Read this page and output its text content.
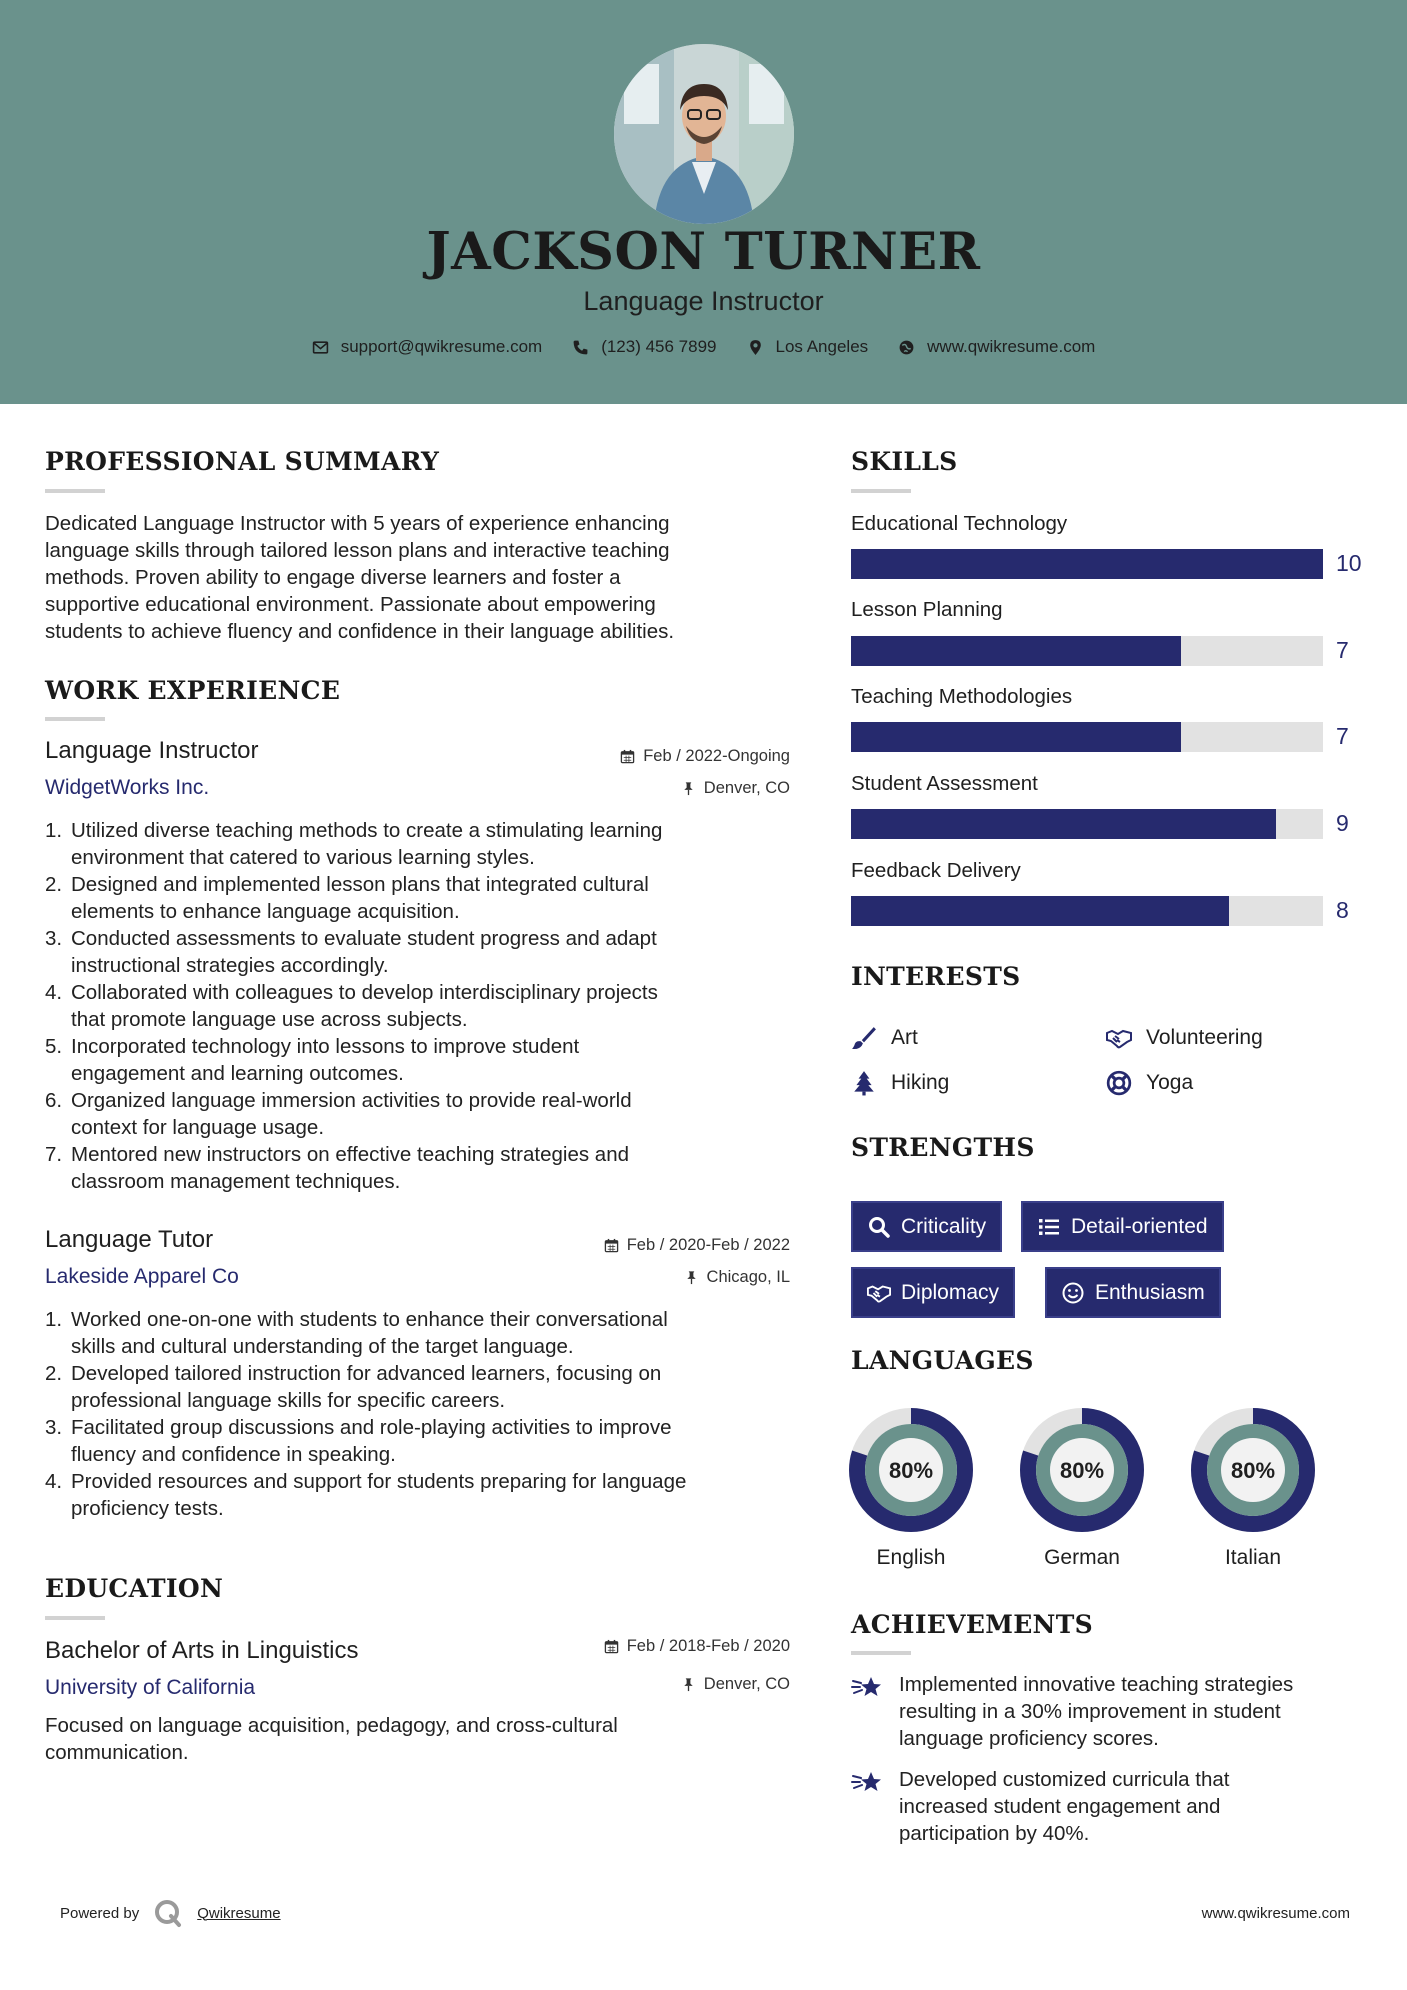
JACKSON TURNER
Language Instructor
support@qwikresume.com	(123) 456 7899	Los Angeles	www.qwikresume.com
PROFESSIONAL SUMMARY
Dedicated Language Instructor with 5 years of experience enhancing
language skills through tailored lesson plans and interactive teaching
methods. Proven ability to engage diverse learners and foster a
supportive educational environment. Passionate about empowering
students to achieve fluency and confidence in their language abilities.
WORK EXPERIENCE
Language Instructor
WidgetWorks Inc.
Feb / 2022-Ongoing
Denver, CO
1. Utilized diverse teaching methods to create a stimulating learning
environment that catered to various learning styles.
2. Designed and implemented lesson plans that integrated cultural
elements to enhance language acquisition.
3. Conducted assessments to evaluate student progress and adapt
instructional strategies accordingly.
4. Collaborated with colleagues to develop interdisciplinary projects
that promote language use across subjects.
5. Incorporated technology into lessons to improve student
engagement and learning outcomes.
6. Organized language immersion activities to provide real-world
context for language usage.
7. Mentored new instructors on effective teaching strategies and
classroom management techniques.
Language Tutor
Lakeside Apparel Co
Feb / 2020-Feb / 2022
Chicago, IL
1. Worked one-on-one with students to enhance their conversational
skills and cultural understanding of the target language.
2. Developed tailored instruction for advanced learners, focusing on
professional language skills for specific careers.
3. Facilitated group discussions and role-playing activities to improve
fluency and confidence in speaking.
4. Provided resources and support for students preparing for language
proficiency tests.
EDUCATION
Bachelor of Arts in Linguistics
University of California
Feb / 2018-Feb / 2020
Denver, CO
Focused on language acquisition, pedagogy, and cross-cultural
communication.
SKILLS
Educational Technology
10
Lesson Planning
7
Teaching Methodologies
7
Student Assessment
9
Feedback Delivery
8
INTERESTS
Art	Volunteering
Hiking	Yoga
STRENGTHS
Criticality	Detail-oriented
Diplomacy	Enthusiasm
LANGUAGES
80%
English
80%
German
80%
Italian
ACHIEVEMENTS
Implemented innovative teaching strategies
resulting in a 30% improvement in student
language proficiency scores.
Developed customized curricula that
increased student engagement and
participation by 40%.
Powered by	Qwikresume	www.qwikresume.com
